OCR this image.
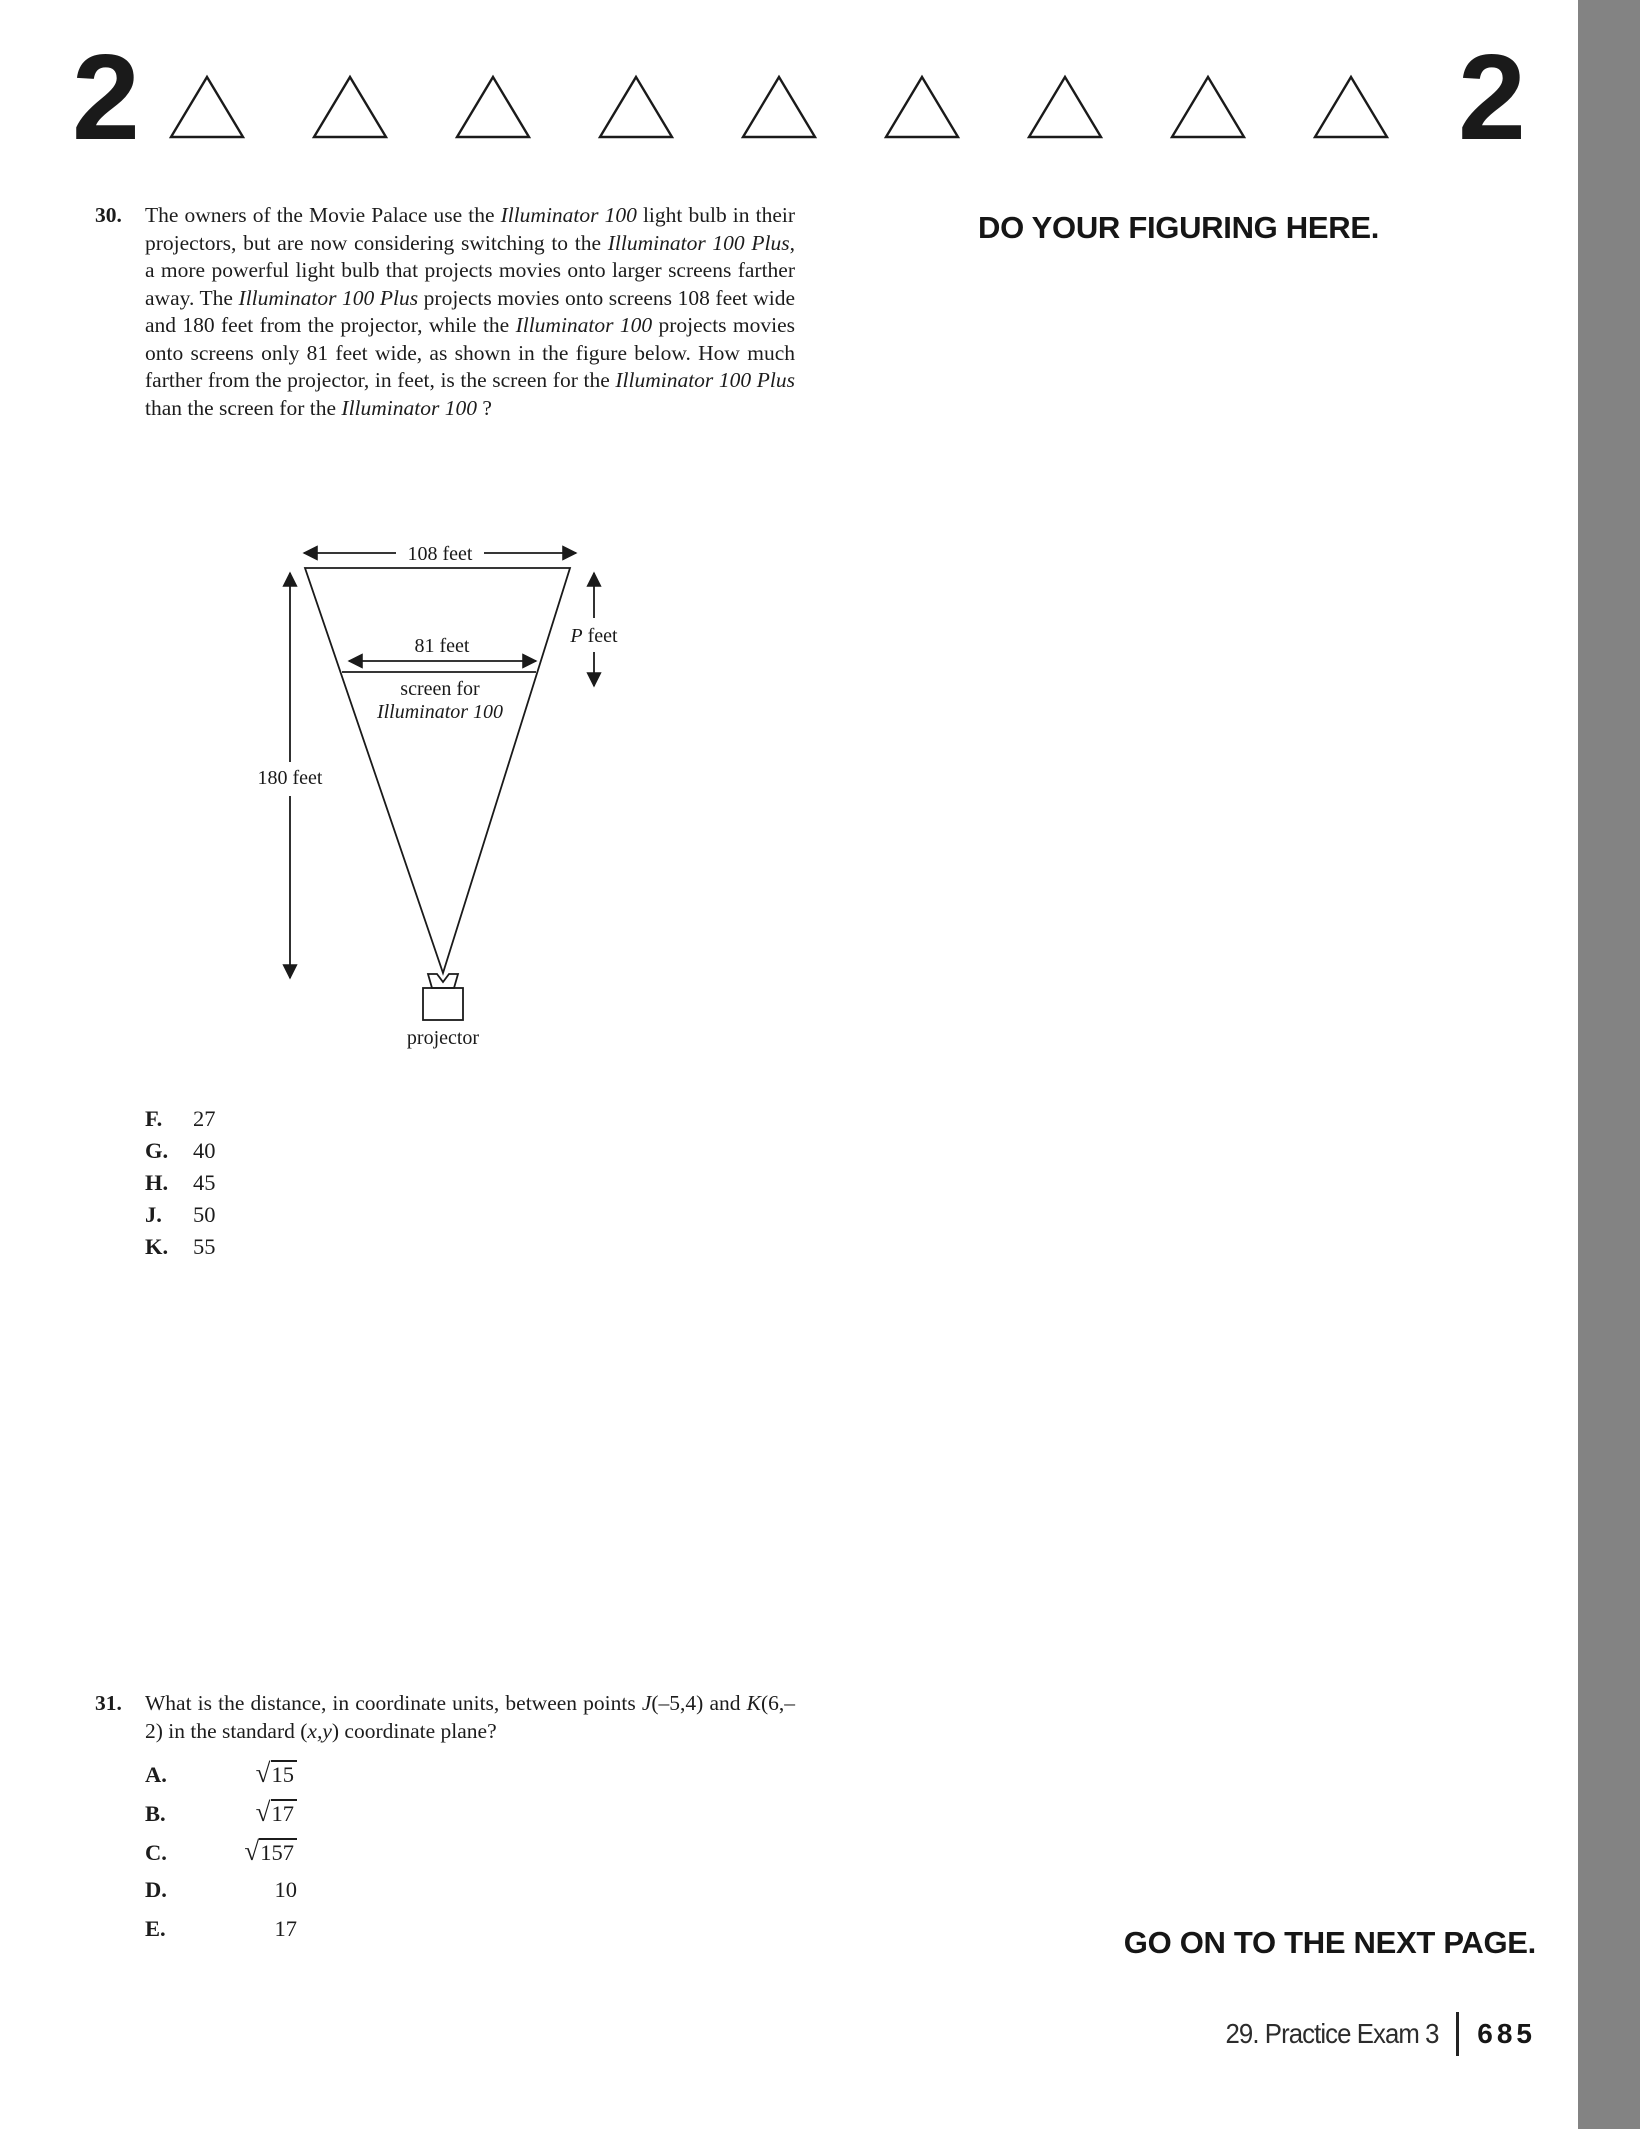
2	2
DO YOUR FIGURING HERE.
30.	The owners of the Movie Palace use the Illuminator 100 light bulb in their projectors, but are now considering switching to the Illuminator 100 Plus, a more powerful light bulb that projects movies onto larger screens farther away. The Illuminator 100 Plus projects movies onto screens 108 feet wide and 180 feet from the projector, while the Illuminator 100 projects movies onto screens only 81 feet wide, as shown in the figure below. How much farther from the projector, in feet, is the screen for the Illuminator 100 Plus than the screen for the Illuminator 100 ?
108 feet
81 feet
screen for
Illuminator 100
P feet
180 feet
projector
F.	27
G.	40
H.	45
J.	50
K.	55
31.	What is the distance, in coordinate units, between points J(–5,4) and K(6,–2) in the standard (x,y) coordinate plane?
A.	√15
B.	√17
C.	√157
D.	10
E.	17	GO ON TO THE NEXT PAGE.
29. Practice Exam 3 685
